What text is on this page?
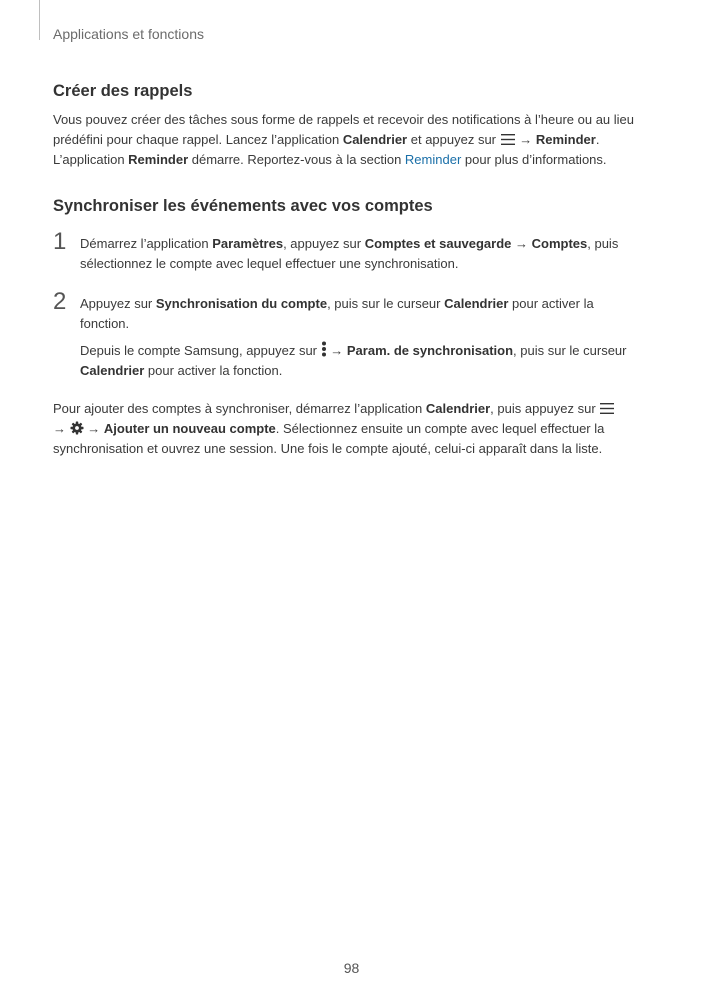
Applications et fonctions
Créer des rappels

Vous pouvez créer des tâches sous forme de rappels et recevoir des notifications à l’heure ou au lieu prédéfini pour chaque rappel. Lancez l’application Calendrier et appuyez sur  → Reminder.
L’application Reminder démarre. Reportez-vous à la section Reminder pour plus d’informations.

Synchroniser les événements avec vos comptes
1 Démarrez l’application Paramètres, appuyez sur Comptes et sauvegarde → Comptes, puis sélectionnez le compte avec lequel effectuer une synchronisation.

2 Appuyez sur Synchronisation du compte, puis sur le curseur Calendrier pour activer la fonction.

Depuis le compte Samsung, appuyez sur  → Param. de synchronisation, puis sur le curseur
Calendrier pour activer la fonction.

Pour ajouter des comptes à synchroniser, démarrez l’application Calendrier, puis appuyez sur
→ → Ajouter un nouveau compte. Sélectionnez ensuite un compte avec lequel effectuer la synchronisation et ouvrez une session. Une fois le compte ajouté, celui-ci apparaît dans la liste.

98
